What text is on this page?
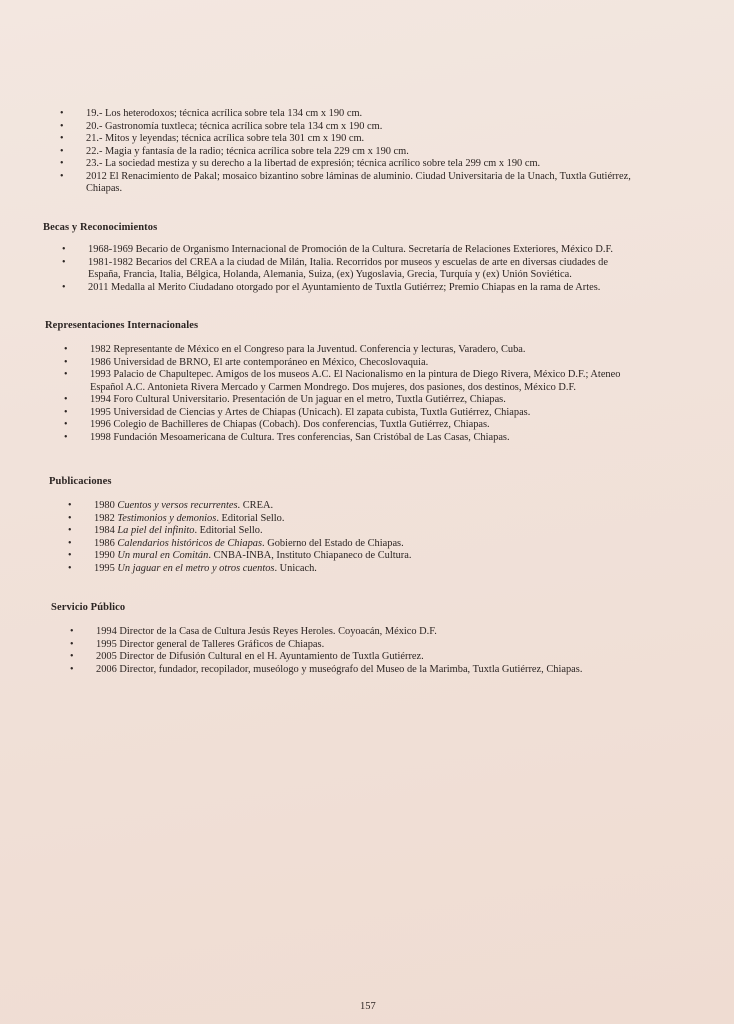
• 19.- Los heterodoxos; técnica acrílica sobre tela 134 cm x 190 cm.
• 20.- Gastronomía tuxtleca; técnica acrílica sobre tela 134 cm x 190 cm.
• 21.- Mitos y leyendas; técnica acrílica sobre tela 301 cm x 190 cm.
• 22.- Magia y fantasía de la radio; técnica acrílica sobre tela 229 cm x 190 cm.
• 23.- La sociedad mestiza y su derecho a la libertad de expresión; técnica acrílico sobre tela 299 cm x 190 cm.
• 2012 El Renacimiento de Pakal; mosaico bizantino sobre láminas de aluminio. Ciudad Universitaria de la Unach, Tuxtla Gutiérrez,
Chiapas.
Becas y Reconocimientos
• 1968-1969 Becario de Organismo Internacional de Promoción de la Cultura. Secretaría de Relaciones Exteriores, México D.F.
• 1981-1982 Becarios del CREA a la ciudad de Milán, Italia. Recorridos por museos y escuelas de arte en diversas ciudades de
España, Francia, Italia, Bélgica, Holanda, Alemania, Suiza, (ex) Yugoslavia, Grecia, Turquía y (ex) Unión Soviética.
• 2011 Medalla al Merito Ciudadano otorgado por el Ayuntamiento de Tuxtla Gutiérrez; Premio Chiapas en la rama de Artes.
Representaciones Internacionales
• 1982 Representante de México en el Congreso para la Juventud. Conferencia y lecturas, Varadero, Cuba.
• 1986 Universidad de BRNO, El arte contemporáneo en México, Checoslovaquia.
• 1993 Palacio de Chapultepec. Amigos de los museos A.C. El Nacionalismo en la pintura de Diego Rivera, México D.F.; Ateneo
Español A.C. Antonieta Rivera Mercado y Carmen Mondrego. Dos mujeres, dos pasiones, dos destinos, México D.F.
• 1994 Foro Cultural Universitario. Presentación de Un jaguar en el metro, Tuxtla Gutiérrez, Chiapas.
• 1995 Universidad de Ciencias y Artes de Chiapas (Unicach). El zapata cubista, Tuxtla Gutiérrez, Chiapas.
• 1996 Colegio de Bachilleres de Chiapas (Cobach). Dos conferencias, Tuxtla Gutiérrez, Chiapas.
• 1998 Fundación Mesoamericana de Cultura. Tres conferencias, San Cristóbal de Las Casas, Chiapas.
Publicaciones
• 1980 Cuentos y versos recurrentes. CREA.
• 1982 Testimonios y demonios. Editorial Sello.
• 1984 La piel del infinito. Editorial Sello.
• 1986 Calendarios históricos de Chiapas. Gobierno del Estado de Chiapas.
• 1990 Un mural en Comitán. CNBA-INBA, Instituto Chiapaneco de Cultura.
• 1995 Un jaguar en el metro y otros cuentos. Unicach.
Servicio Público
• 1994 Director de la Casa de Cultura Jesús Reyes Heroles. Coyoacán, México D.F.
• 1995 Director general de Talleres Gráficos de Chiapas.
• 2005 Director de Difusión Cultural en el H. Ayuntamiento de Tuxtla Gutiérrez.
• 2006 Director, fundador, recopilador, museólogo y museógrafo del Museo de la Marimba, Tuxtla Gutiérrez, Chiapas.
157
